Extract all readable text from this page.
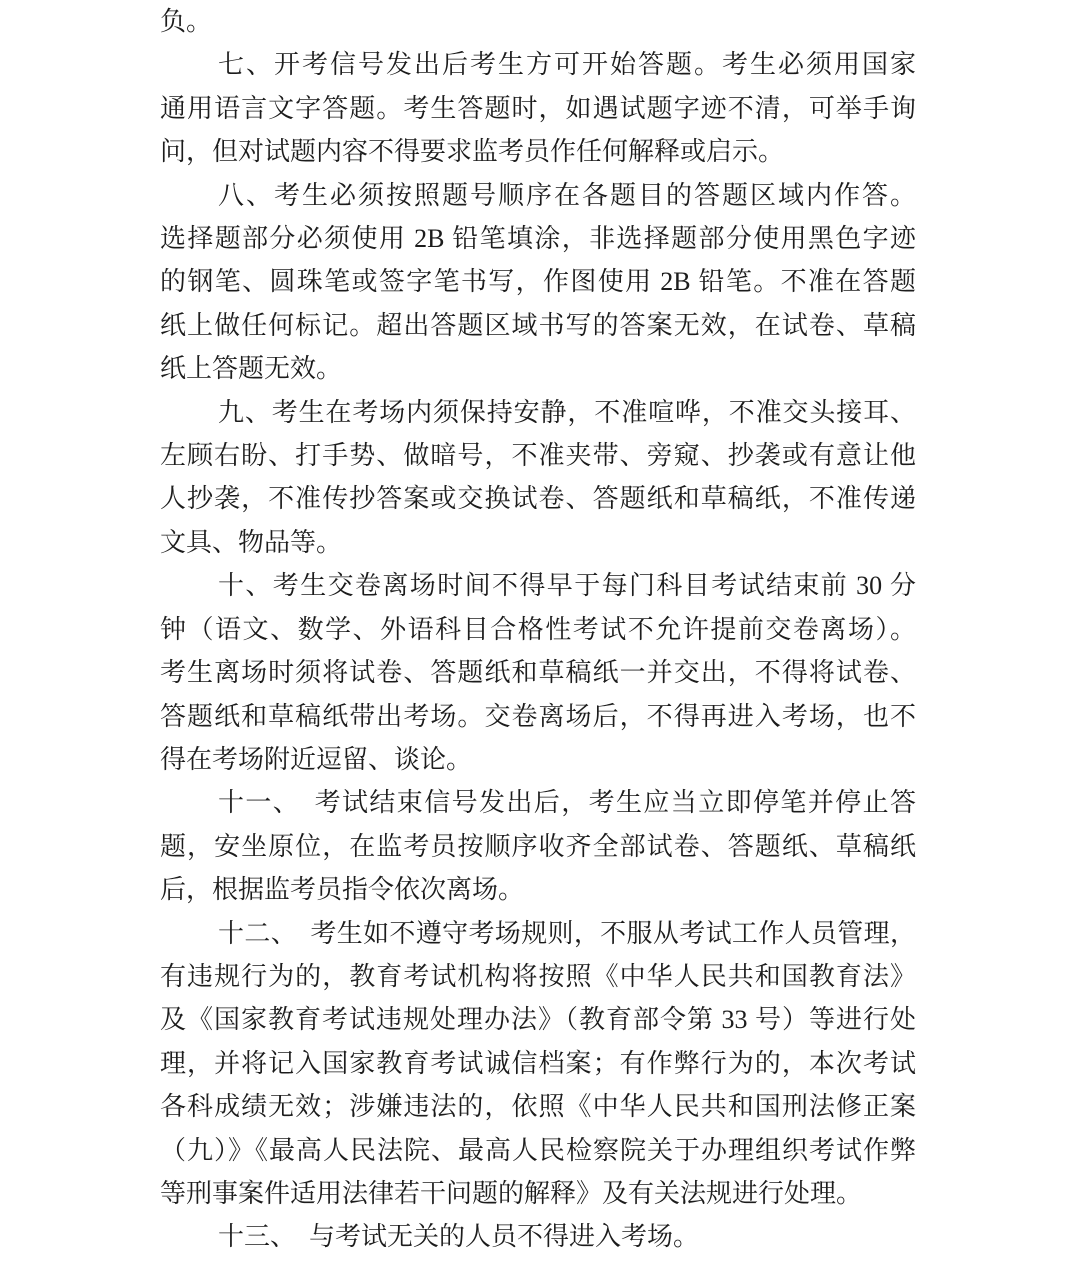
负。
七、开考信号发出后考生方可开始答题。考生必须用国家
通用语言文字答题。考生答题时，如遇试题字迹不清，可举手询
问，但对试题内容不得要求监考员作任何解释或启示。
八、考生必须按照题号顺序在各题目的答题区域内作答。
选择题部分必须使用 2B 铅笔填涂，非选择题部分使用黑色字迹
的钢笔、圆珠笔或签字笔书写，作图使用 2B 铅笔。不准在答题
纸上做任何标记。超出答题区域书写的答案无效，在试卷、草稿
纸上答题无效。
九、考生在考场内须保持安静，不准喧哗，不准交头接耳、
左顾右盼、打手势、做暗号，不准夹带、旁窥、抄袭或有意让他
人抄袭，不准传抄答案或交换试卷、答题纸和草稿纸，不准传递
文具、物品等。
十、考生交卷离场时间不得早于每门科目考试结束前 30 分
钟（语文、数学、外语科目合格性考试不允许提前交卷离场）。
考生离场时须将试卷、答题纸和草稿纸一并交出，不得将试卷、
答题纸和草稿纸带出考场。交卷离场后，不得再进入考场，也不
得在考场附近逗留、谈论。
十一、　考试结束信号发出后，考生应当立即停笔并停止答
题，安坐原位，在监考员按顺序收齐全部试卷、答题纸、草稿纸
后，根据监考员指令依次离场。
十二、　考生如不遵守考场规则，不服从考试工作人员管理，
有违规行为的，教育考试机构将按照《中华人民共和国教育法》
及《国家教育考试违规处理办法》（教育部令第 33 号）等进行处
理，并将记入国家教育考试诚信档案；有作弊行为的，本次考试
各科成绩无效；涉嫌违法的，依照《中华人民共和国刑法修正案
（九）》《最高人民法院、最高人民检察院关于办理组织考试作弊
等刑事案件适用法律若干问题的解释》及有关法规进行处理。
十三、　与考试无关的人员不得进入考场。
